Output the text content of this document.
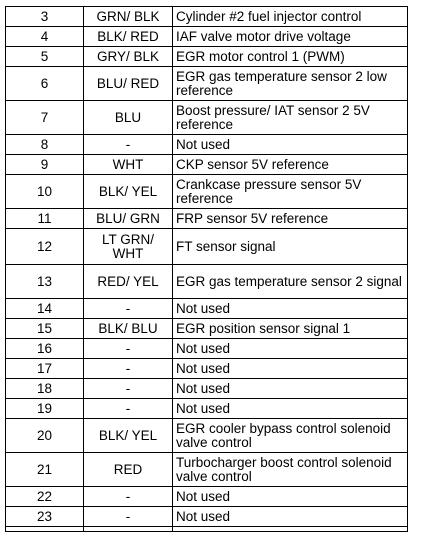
3	GRN/ BLK	Cylinder #2 fuel injector control
4	BLK/ RED	IAF valve motor drive voltage
5	GRY/ BLK	EGR motor control 1 (PWM)
6	BLU/ RED	EGR gas temperature sensor 2 low reference
7	BLU	Boost pressure/ IAT sensor 2 5V reference
8	-	Not used
9	WHT	CKP sensor 5V reference
10	BLK/ YEL	Crankcase pressure sensor 5V reference
11	BLU/ GRN	FRP sensor 5V reference
12	LT GRN/ WHT	FT sensor signal
13	RED/ YEL	EGR gas temperature sensor 2 signal
14	-	Not used
15	BLK/ BLU	EGR position sensor signal 1
16	-	Not used
17	-	Not used
18	-	Not used
19	-	Not used
20	BLK/ YEL	EGR cooler bypass control solenoid valve control
21	RED	Turbocharger boost control solenoid valve control
22	-	Not used
23	-	Not used
